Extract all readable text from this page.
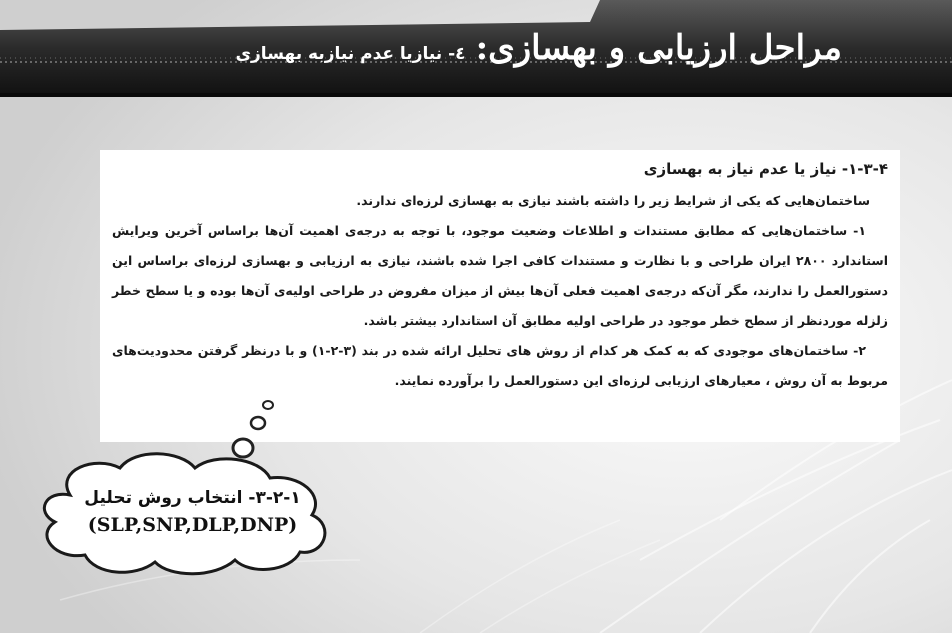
مراحل ارزیابی و بهسازی:
٤- نیازیا عدم نیازبه بهسازی
۱-۳-۴- نیاز یا عدم نیاز به بهسازی

ساختمان‌هایی که یکی از شرایط زیر را داشته باشند نیازی به بهسازی لرزه‌ای ندارند.

۱- ساختمان‌هایی که مطابق مستندات و اطلاعات وضعیت موجود، با توجه به درجه‌ی اهمیت آن‌ها براساس آخرین ویرایش استاندارد ۲۸۰۰ ایران طراحی و با نظارت و مستندات کافی اجرا شده باشند، نیازی به ارزیابی و بهسازی لرزه‌ای براساس این دستورالعمل را ندارند، مگر آن‌که درجه‌ی اهمیت فعلی آن‌ها بیش از میزان مفروض در طراحی اولیه‌ی آن‌ها بوده و یا سطح خطر زلزله موردنظر از سطح خطر موجود در طراحی اولیه مطابق آن استاندارد بیشتر باشد.

۲- ساختمان‌های موجودی که به کمک هر کدام از روش های تحلیل ارائه شده در بند (۳-۲-۱) و با درنظر گرفتن محدودیت‌های مربوط به آن روش ، معیارهای ارزیابی لرزه‌ای این دستورالعمل را برآورده نمایند.

۳-۲-۱- انتخاب روش تحلیل
(SLP,SNP,DLP,DNP)
